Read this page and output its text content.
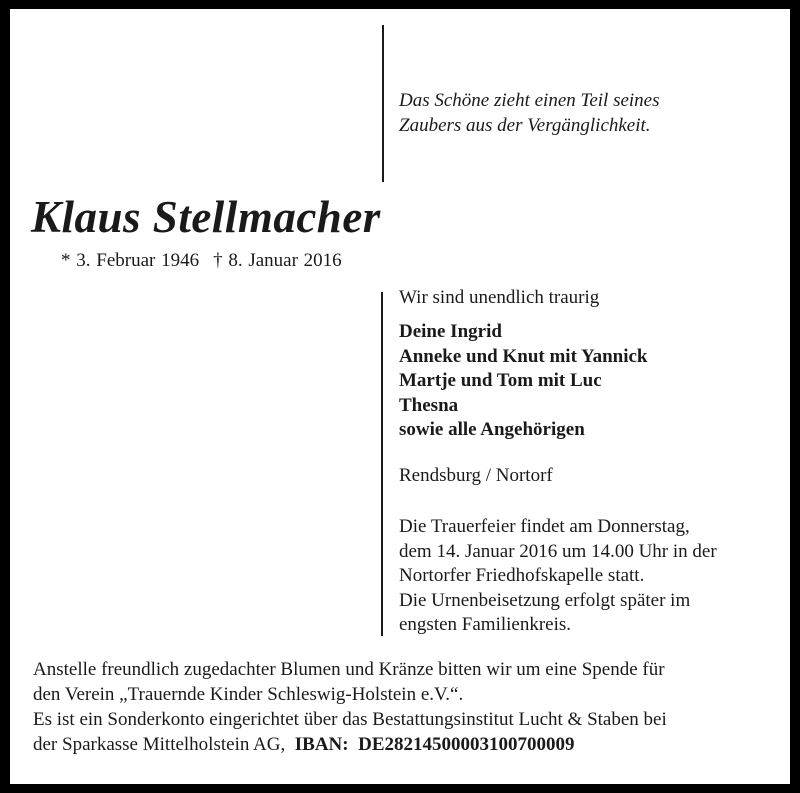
Das Schöne zieht einen Teil seines
Zaubers aus der Vergänglichkeit.
Klaus Stellmacher
* 3. Februar 1946 † 8. Januar 2016
Wir sind unendlich traurig
Deine Ingrid
Anneke und Knut mit Yannick
Martje und Tom mit Luc
Thesna
sowie alle Angehörigen
Rendsburg / Nortorf
Die Trauerfeier findet am Donnerstag,
dem 14. Januar 2016 um 14.00 Uhr in der
Nortorfer Friedhofskapelle statt.
Die Urnenbeisetzung erfolgt später im
engsten Familienkreis.
Anstelle freundlich zugedachter Blumen und Kränze bitten wir um eine Spende für
den Verein „Trauernde Kinder Schleswig-Holstein e.V.“.
Es ist ein Sonderkonto eingerichtet über das Bestattungsinstitut Lucht & Staben bei
der Sparkasse Mittelholstein AG, IBAN: DE28214500003100700009
